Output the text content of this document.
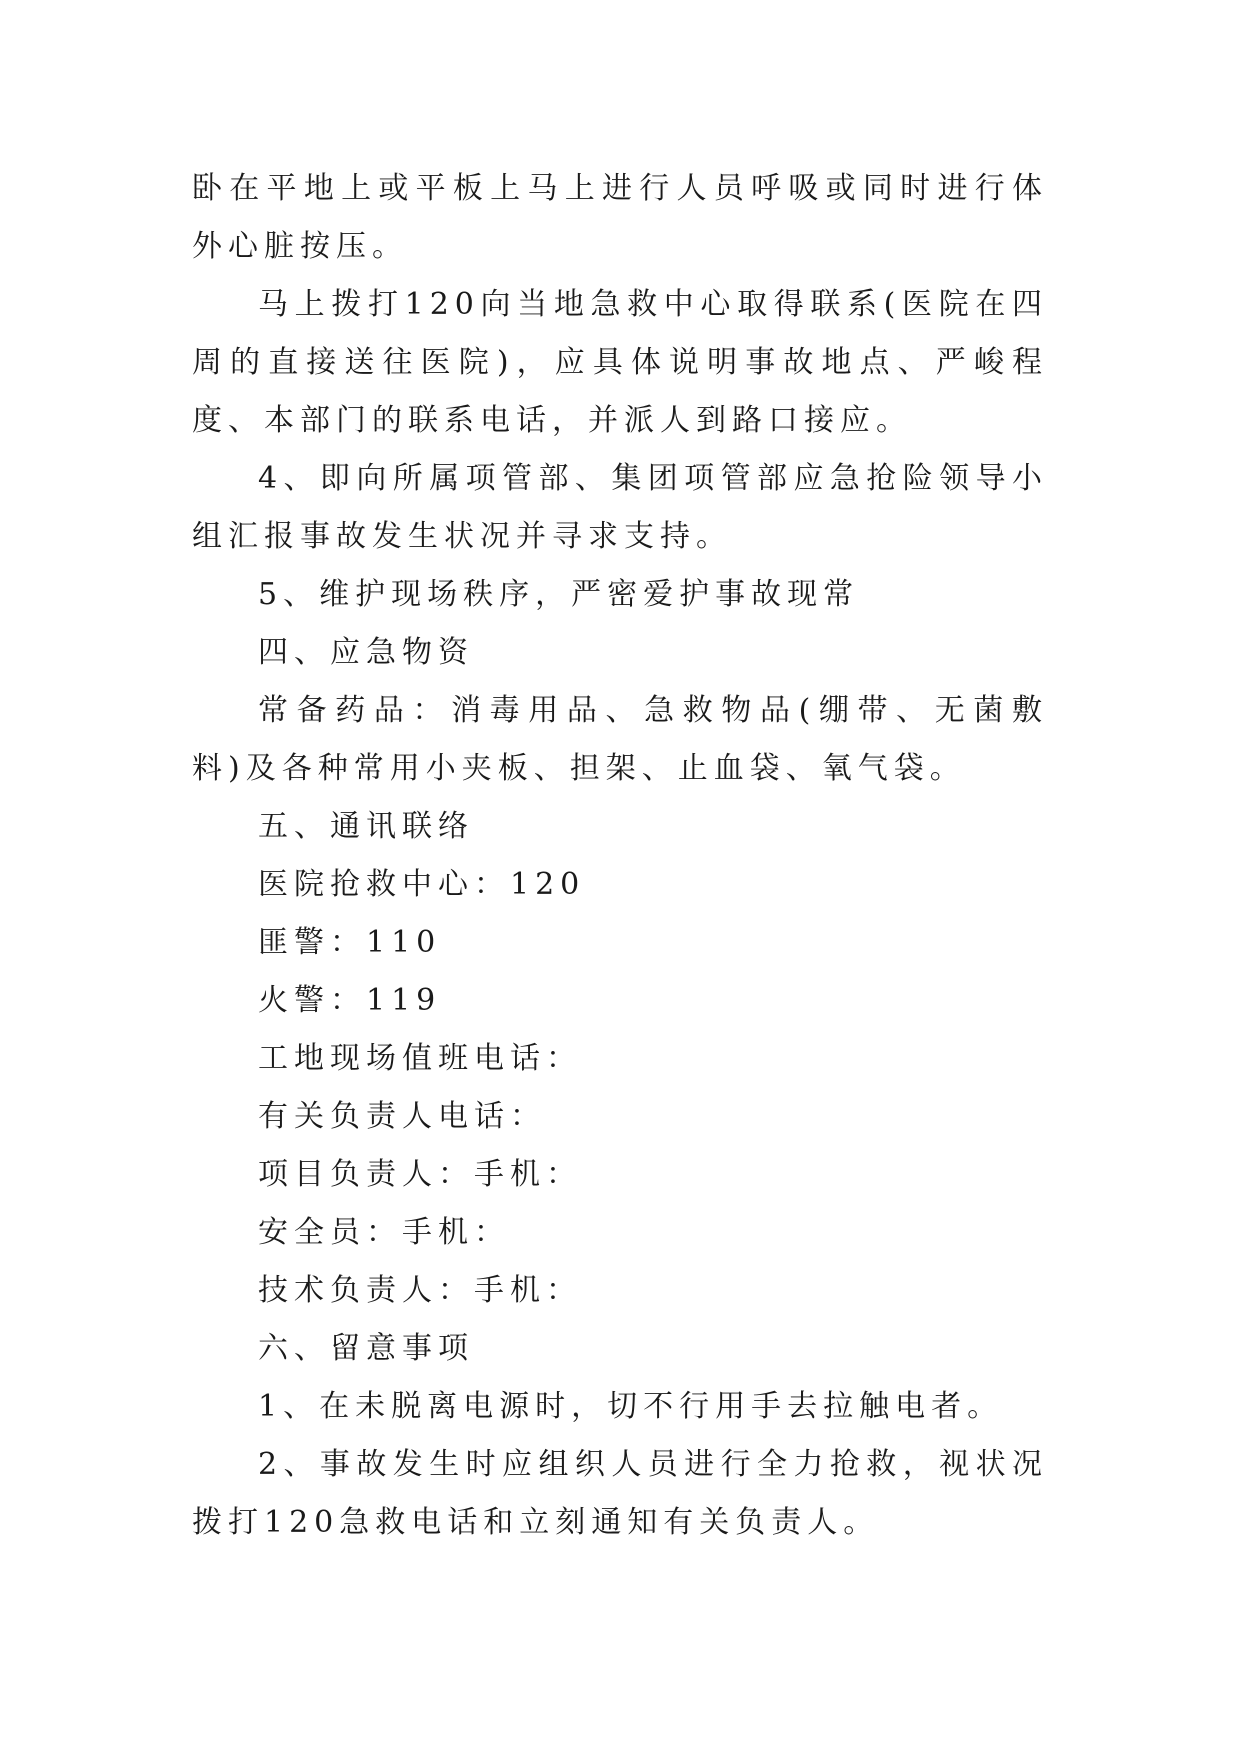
卧在平地上或平板上马上进行人员呼吸或同时进行体外心脏按压。

马上拨打120向当地急救中心取得联系(医院在四周的直接送往医院)，应具体说明事故地点、严峻程度、本部门的联系电话，并派人到路口接应。

4、即向所属项管部、集团项管部应急抢险领导小组汇报事故发生状况并寻求支持。

5、维护现场秩序，严密爱护事故现常

四、应急物资

常备药品：消毒用品、急救物品(绷带、无菌敷料)及各种常用小夹板、担架、止血袋、氧气袋。

五、通讯联络

医院抢救中心：120

匪警：110

火警：119

工地现场值班电话：

有关负责人电话：

项目负责人：手机：

安全员：手机：

技术负责人：手机：

六、留意事项

1、在未脱离电源时，切不行用手去拉触电者。

2、事故发生时应组织人员进行全力抢救，视状况拨打120急救电话和立刻通知有关负责人。
